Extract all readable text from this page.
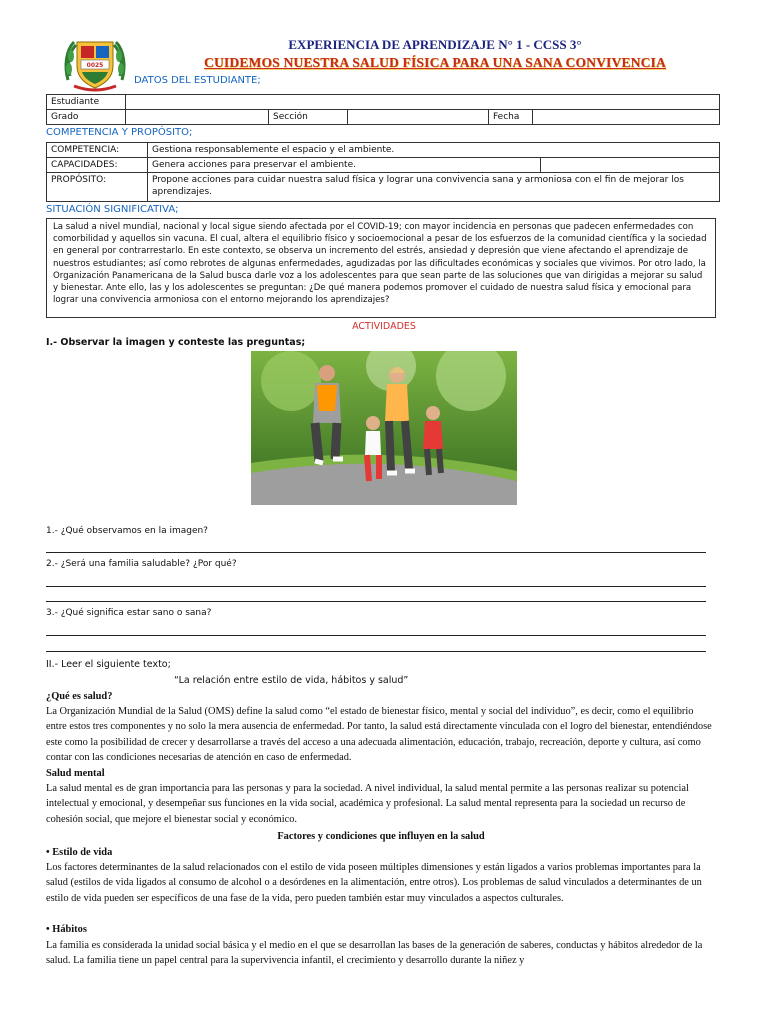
0025
EXPERIENCIA DE APRENDIZAJE N° 1 - CCSS 3°
CUIDEMOS NUESTRA SALUD FÍSICA PARA UNA SANA CONVIVENCIA
DATOS DEL ESTUDIANTE;
Estudiante					
Grado		Sección		Fecha	
COMPETENCIA Y PROPÓSITO;
COMPETENCIA:	Gestiona responsablemente el espacio y el ambiente.	
CAPACIDADES:	Genera acciones para preservar el ambiente.	
PROPÓSITO:	Propone acciones para cuidar nuestra salud física y lograr una convivencia sana y armoniosa con el fin de mejorar los aprendizajes.	
SITUACIÓN SIGNIFICATIVA;
La salud a nivel mundial, nacional y local sigue siendo afectada por el COVID-19; con mayor incidencia en personas que padecen enfermedades con comorbilidad y aquellos sin vacuna. El cual, altera el equilibrio físico y socioemocional a pesar de los esfuerzos de la comunidad científica y la sociedad en general por contrarrestarlo. En este contexto, se observa un incremento del estrés, ansiedad y depresión que viene afectando el aprendizaje de nuestros estudiantes; así como rebrotes de algunas enfermedades, agudizadas por las dificultades económicas y sociales que vivimos. Por otro lado, la Organización Panamericana de la Salud busca darle voz a los adolescentes para que sean parte de las soluciones que van dirigidas a mejorar su salud y bienestar. Ante ello, las y los adolescentes se preguntan: ¿De qué manera podemos promover el cuidado de nuestra salud física y emocional para lograr una convivencia armoniosa con el entorno mejorando los aprendizajes?
ACTIVIDADES
I.- Observar la imagen y conteste las preguntas;
1.- ¿Qué observamos en la imagen?
2.- ¿Será una familia saludable? ¿Por qué?
3.- ¿Qué significa estar sano o sana?
II.- Leer el siguiente texto;
“La relación entre estilo de vida, hábitos y salud”
¿Qué es salud?
La Organización Mundial de la Salud (OMS) define la salud como “el estado de bienestar físico, mental y social del individuo”, es decir, como el equilibrio entre estos tres componentes y no solo la mera ausencia de enfermedad. Por tanto, la salud está directamente vinculada con el logro del bienestar, entendiéndose este como la posibilidad de crecer y desarrollarse a través del acceso a una adecuada alimentación, educación, trabajo, recreación, deporte y cultura, así como contar con las condiciones necesarias de atención en caso de enfermedad.
Salud mental
La salud mental es de gran importancia para las personas y para la sociedad. A nivel individual, la salud mental permite a las personas realizar su potencial intelectual y emocional, y desempeñar sus funciones en la vida social, académica y profesional. La salud mental representa para la sociedad un recurso de cohesión social, que mejore el bienestar social y económico.
Factores y condiciones que influyen en la salud
• Estilo de vida
Los factores determinantes de la salud relacionados con el estilo de vida poseen múltiples dimensiones y están ligados a varios problemas importantes para la salud (estilos de vida ligados al consumo de alcohol o a desórdenes en la alimentación, entre otros). Los problemas de salud vinculados a determinantes de un estilo de vida pueden ser específicos de una fase de la vida, pero pueden también estar muy vinculados a aspectos culturales.
• Hábitos
La familia es considerada la unidad social básica y el medio en el que se desarrollan las bases de la generación de saberes, conductas y hábitos alrededor de la salud. La familia tiene un papel central para la supervivencia infantil, el crecimiento y desarrollo durante la niñez y
